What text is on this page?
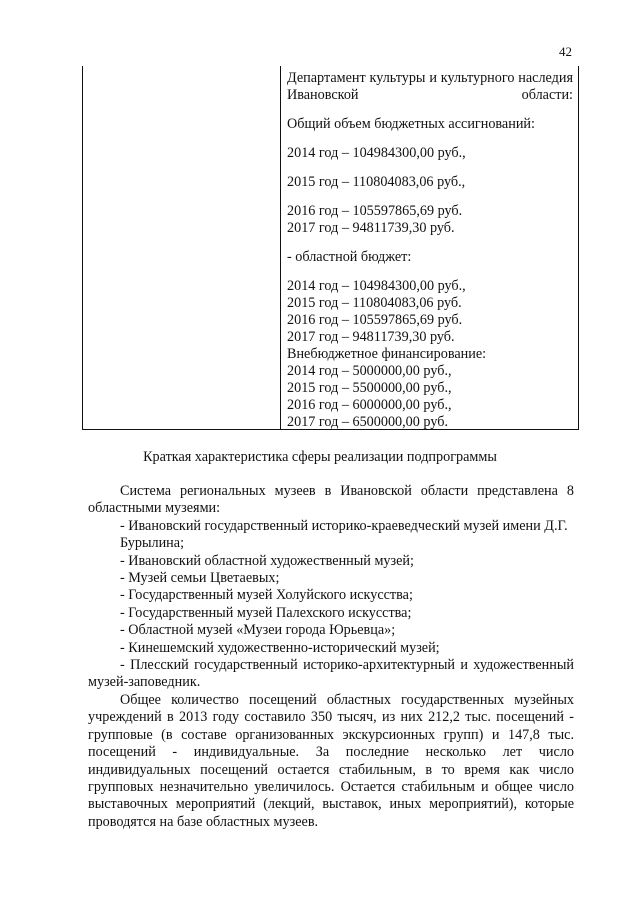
42

Департамент культуры и культурного наследия Ивановской области:

Общий объем бюджетных ассигнований:

2014 год – 104984300,00 руб.,

2015 год – 110804083,06 руб.,

2016 год – 105597865,69 руб.

2017 год – 94811739,30 руб.

- областной бюджет:

2014 год – 104984300,00 руб.,

2015 год – 110804083,06 руб.

2016 год – 105597865,69 руб.

2017 год – 94811739,30 руб.

Внебюджетное финансирование:

2014 год – 5000000,00 руб.,

2015 год – 5500000,00 руб.,

2016 год – 6000000,00 руб.,

2017 год – 6500000,00 руб.

Краткая характеристика сферы реализации подпрограммы

Система региональных музеев в Ивановской области представлена 8 областными музеями:

- Ивановский государственный историко-краеведческий музей имени Д.Г. Бурылина;

- Ивановский областной художественный музей;

- Музей семьи Цветаевых;

- Государственный музей Холуйского искусства;

- Государственный музей Палехского искусства;

- Областной музей «Музеи города Юрьевца»;

- Кинешемский художественно-исторический музей;

- Плесский государственный историко-архитектурный и художественный музей-заповедник.

Общее количество посещений областных государственных музейных учреждений в 2013 году составило 350 тысяч, из них 212,2 тыс. посещений - групповые (в составе организованных экскурсионных групп) и 147,8 тыс. посещений - индивидуальные. За последние несколько лет число индивидуальных посещений остается стабильным, в то время как число групповых незначительно увеличилось. Остается стабильным и общее число выставочных мероприятий (лекций, выставок, иных мероприятий), которые проводятся на базе областных музеев.
